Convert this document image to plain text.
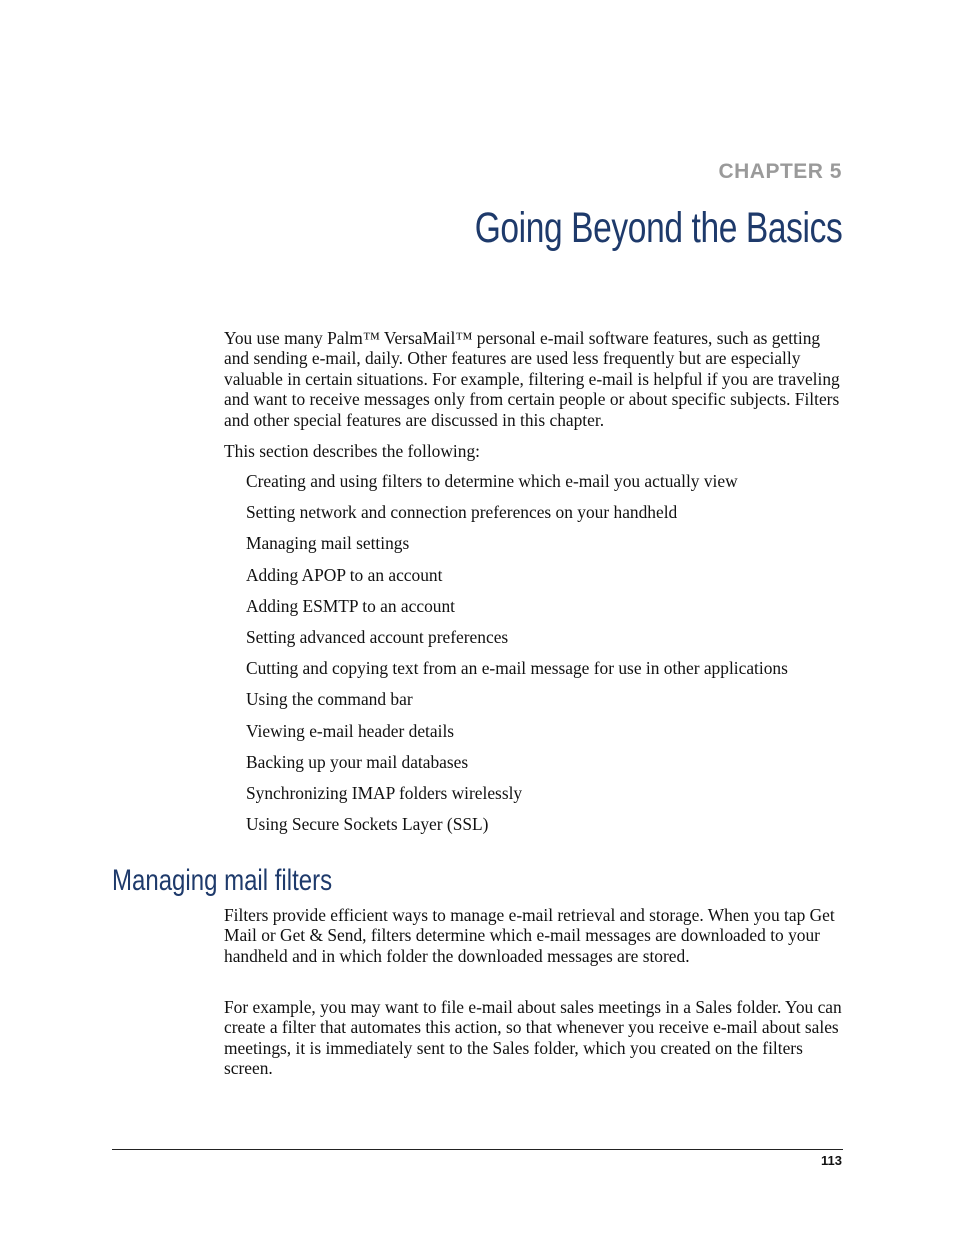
CHAPTER 5
Going Beyond the Basics

You use many Palm™ VersaMail™ personal e-mail software features, such as getting and sending e-mail, daily. Other features are used less frequently but are especially valuable in certain situations. For example, filtering e-mail is helpful if you are traveling and want to receive messages only from certain people or about specific subjects. Filters and other special features are discussed in this chapter.

This section describes the following:

Creating and using filters to determine which e-mail you actually view
Setting network and connection preferences on your handheld
Managing mail settings
Adding APOP to an account
Adding ESMTP to an account
Setting advanced account preferences
Cutting and copying text from an e-mail message for use in other applications
Using the command bar
Viewing e-mail header details
Backing up your mail databases
Synchronizing IMAP folders wirelessly
Using Secure Sockets Layer (SSL)
Managing mail filters

Filters provide efficient ways to manage e-mail retrieval and storage. When you tap Get Mail or Get & Send, filters determine which e-mail messages are downloaded to your handheld and in which folder the downloaded messages are stored.

For example, you may want to file e-mail about sales meetings in a Sales folder. You can create a filter that automates this action, so that whenever you receive e-mail about sales meetings, it is immediately sent to the Sales folder, which you created on the filters screen.

113
